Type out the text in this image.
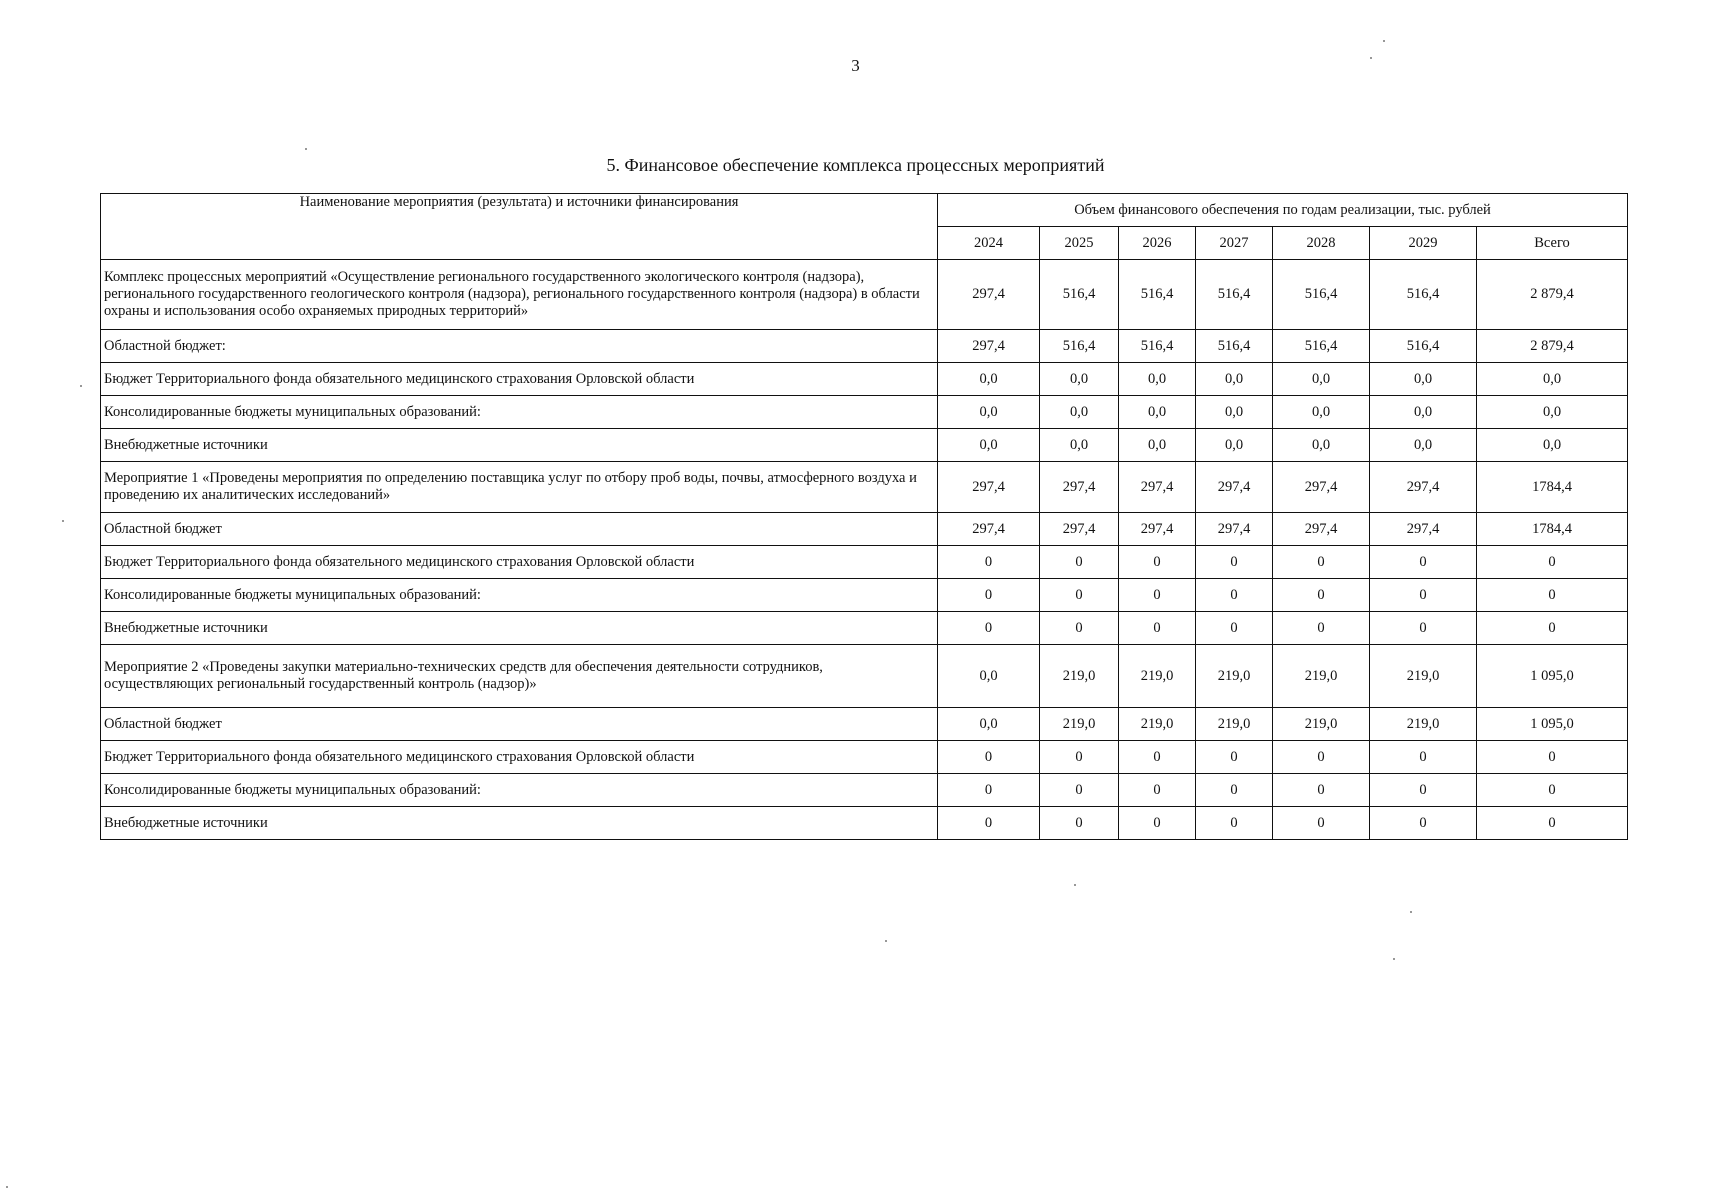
3
5. Финансовое обеспечение комплекса процессных мероприятий
Наименование мероприятия (результата) и источники финансирования	Объем финансового обеспечения по годам реализации, тыс. рублей						
	2024	2025	2026	2027	2028	2029	Всего
Комплекс процессных мероприятий «Осуществление регионального государственного экологического контроля (надзора), регионального государственного геологического контроля (надзора), регионального государственного контроля (надзора) в области охраны и использования особо охраняемых природных территорий»	297,4	516,4	516,4	516,4	516,4	516,4	2 879,4
Областной бюджет:	297,4	516,4	516,4	516,4	516,4	516,4	2 879,4
Бюджет Территориального фонда обязательного медицинского страхования Орловской области	0,0	0,0	0,0	0,0	0,0	0,0	0,0
Консолидированные бюджеты муниципальных образований:	0,0	0,0	0,0	0,0	0,0	0,0	0,0
Внебюджетные источники	0,0	0,0	0,0	0,0	0,0	0,0	0,0
Мероприятие 1 «Проведены мероприятия по определению поставщика услуг по отбору проб воды, почвы, атмосферного воздуха и проведению их аналитических исследований»	297,4	297,4	297,4	297,4	297,4	297,4	1784,4
Областной бюджет	297,4	297,4	297,4	297,4	297,4	297,4	1784,4
Бюджет Территориального фонда обязательного медицинского страхования Орловской области	0	0	0	0	0	0	0
Консолидированные бюджеты муниципальных образований:	0	0	0	0	0	0	0
Внебюджетные источники	0	0	0	0	0	0	0
Мероприятие 2 «Проведены закупки материально-технических средств для обеспечения деятельности сотрудников, осуществляющих региональный государственный контроль (надзор)»	0,0	219,0	219,0	219,0	219,0	219,0	1 095,0
Областной бюджет	0,0	219,0	219,0	219,0	219,0	219,0	1 095,0
Бюджет Территориального фонда обязательного медицинского страхования Орловской области	0	0	0	0	0	0	0
Консолидированные бюджеты муниципальных образований:	0	0	0	0	0	0	0
Внебюджетные источники	0	0	0	0	0	0	0
